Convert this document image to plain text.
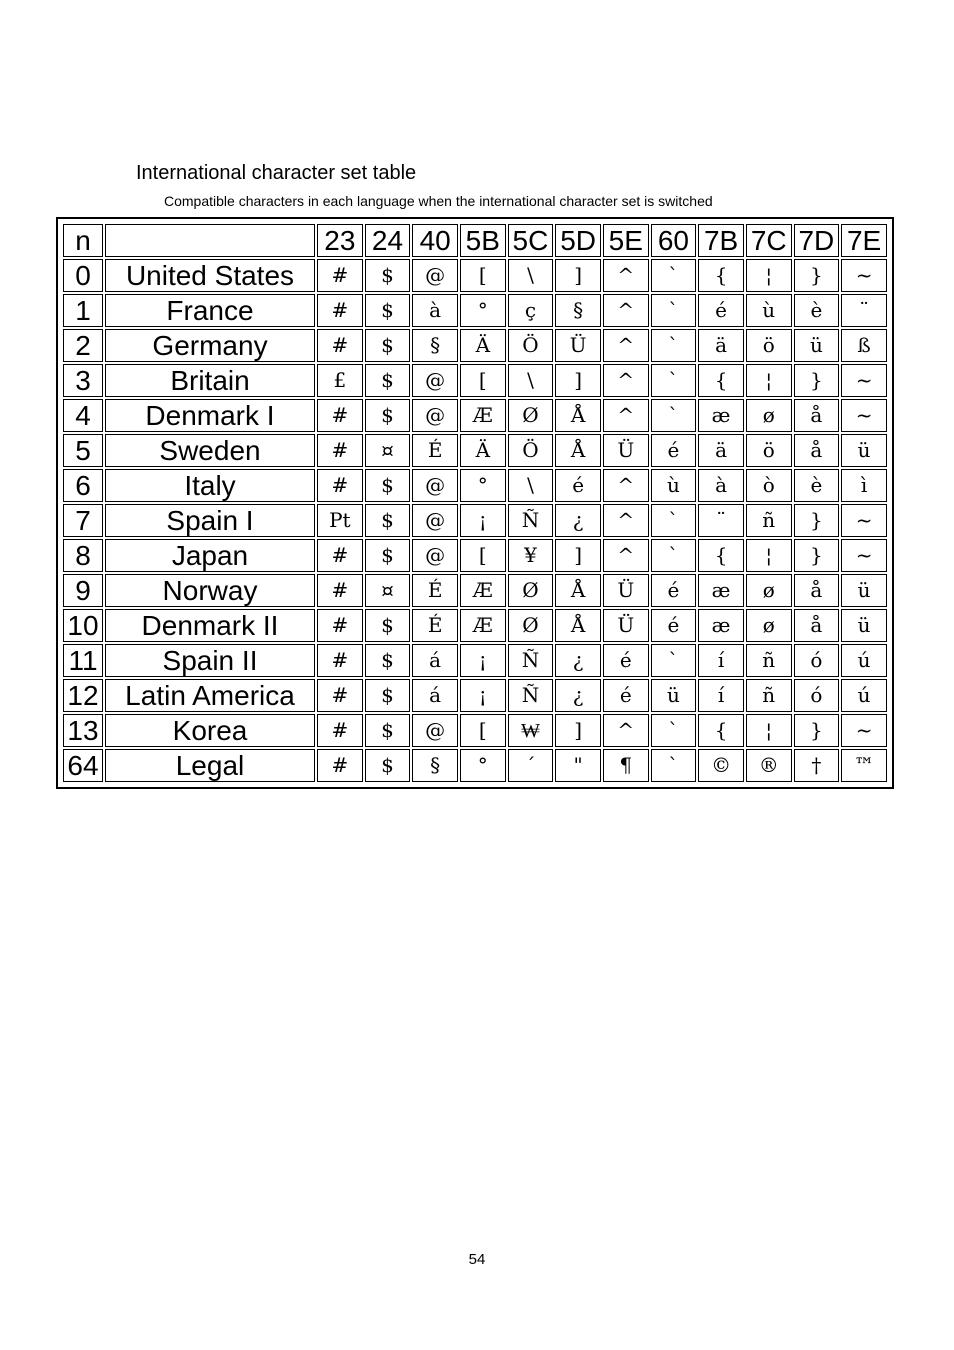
International character set table
Compatible characters in each language when the international character set is switched
n		23	24	40	5B	5C	5D	5E	60	7B	7C	7D	7E
0	United States	#	$	@	[	\	]	^	`	{	¦	}	~
1	France	#	$	à	°	ç	§	^	`	é	ù	è	¨
2	Germany	#	$	§	Ä	Ö	Ü	^	`	ä	ö	ü	ß
3	Britain	£	$	@	[	\	]	^	`	{	¦	}	~
4	Denmark I	#	$	@	Æ	Ø	Å	^	`	æ	ø	å	~
5	Sweden	#	¤	É	Ä	Ö	Å	Ü	é	ä	ö	å	ü
6	Italy	#	$	@	°	\	é	^	ù	à	ò	è	ì
7	Spain I	Pt	$	@	¡	Ñ	¿	^	`	¨	ñ	}	~
8	Japan	#	$	@	[	¥	]	^	`	{	¦	}	~
9	Norway	#	¤	É	Æ	Ø	Å	Ü	é	æ	ø	å	ü
10	Denmark II	#	$	É	Æ	Ø	Å	Ü	é	æ	ø	å	ü
11	Spain II	#	$	á	¡	Ñ	¿	é	`	í	ñ	ó	ú
12	Latin America	#	$	á	¡	Ñ	¿	é	ü	í	ñ	ó	ú
13	Korea	#	$	@	[	₩	]	^	`	{	¦	}	~
64	Legal	#	$	§	°	´	"	¶	`	©	®	†	™
54
